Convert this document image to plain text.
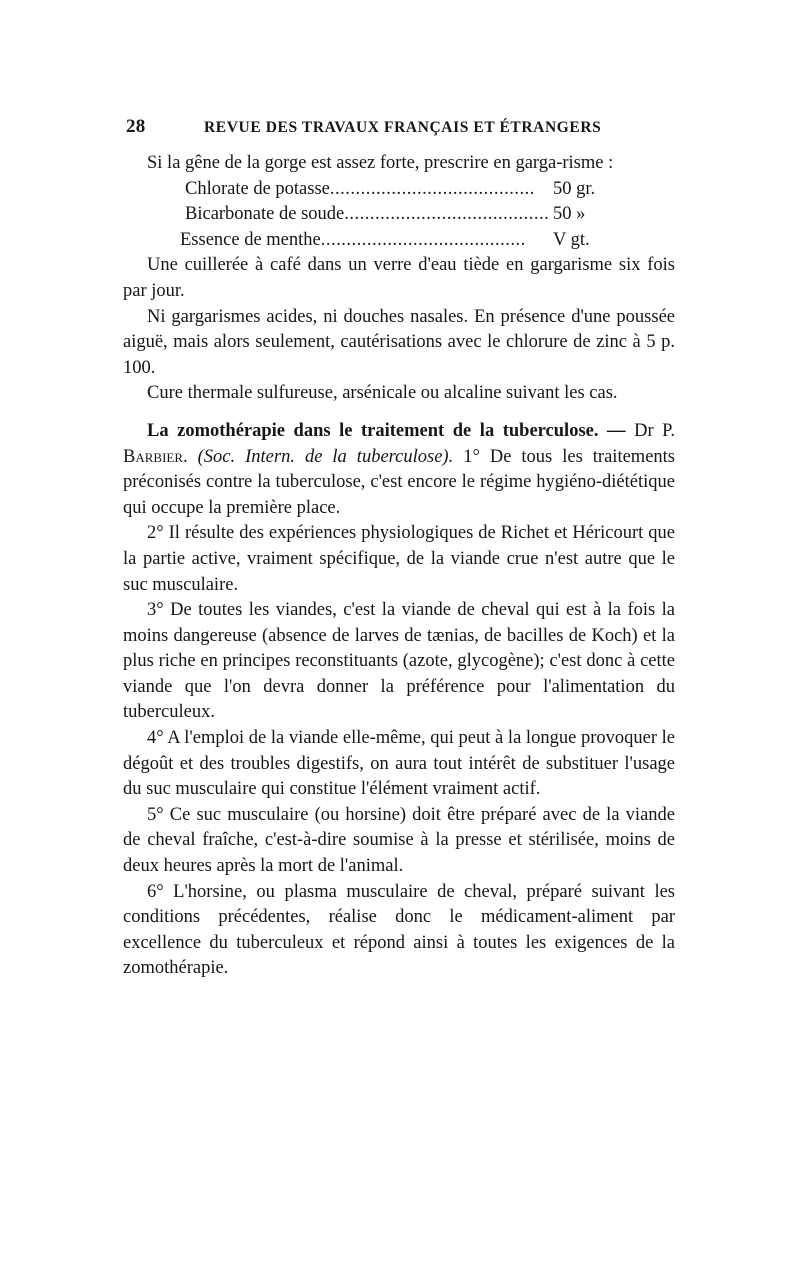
28	REVUE DES TRAVAUX FRANÇAIS ET ÉTRANGERS

Si la gêne de la gorge est assez forte, prescrire en garga-risme :

Chlorate de potasse........................................ 50 gr.
Bicarbonate de soude........................................ 50 »
Essence de menthe........................................	V gt.

Une cuillerée à café dans un verre d'eau tiède en gargarisme six fois par jour.

Ni gargarismes acides, ni douches nasales. En présence d'une poussée aiguë, mais alors seulement, cautérisations avec le chlorure de zinc à 5 p. 100.

Cure thermale sulfureuse, arsénicale ou alcaline suivant les cas.

La zomothérapie dans le traitement de la tuberculose. — Dr P. Barbier. (Soc. Intern. de la tuberculose). 1° De tous les traitements préconisés contre la tuberculose, c'est encore le régime hygiéno-diététique qui occupe la première place.

2° Il résulte des expériences physiologiques de Richet et Héricourt que la partie active, vraiment spécifique, de la viande crue n'est autre que le suc musculaire.

3° De toutes les viandes, c'est la viande de cheval qui est à la fois la moins dangereuse (absence de larves de tænias, de bacilles de Koch) et la plus riche en principes reconstituants (azote, glycogène); c'est donc à cette viande que l'on devra donner la préférence pour l'alimentation du tuberculeux.

4° A l'emploi de la viande elle-même, qui peut à la longue provoquer le dégoût et des troubles digestifs, on aura tout intérêt de substituer l'usage du suc musculaire qui constitue l'élément vraiment actif.

5° Ce suc musculaire (ou horsine) doit être préparé avec de la viande de cheval fraîche, c'est-à-dire soumise à la presse et stérilisée, moins de deux heures après la mort de l'animal.

6° L'horsine, ou plasma musculaire de cheval, préparé suivant les conditions précédentes, réalise donc le médicament-aliment par excellence du tuberculeux et répond ainsi à toutes les exigences de la zomothérapie.
